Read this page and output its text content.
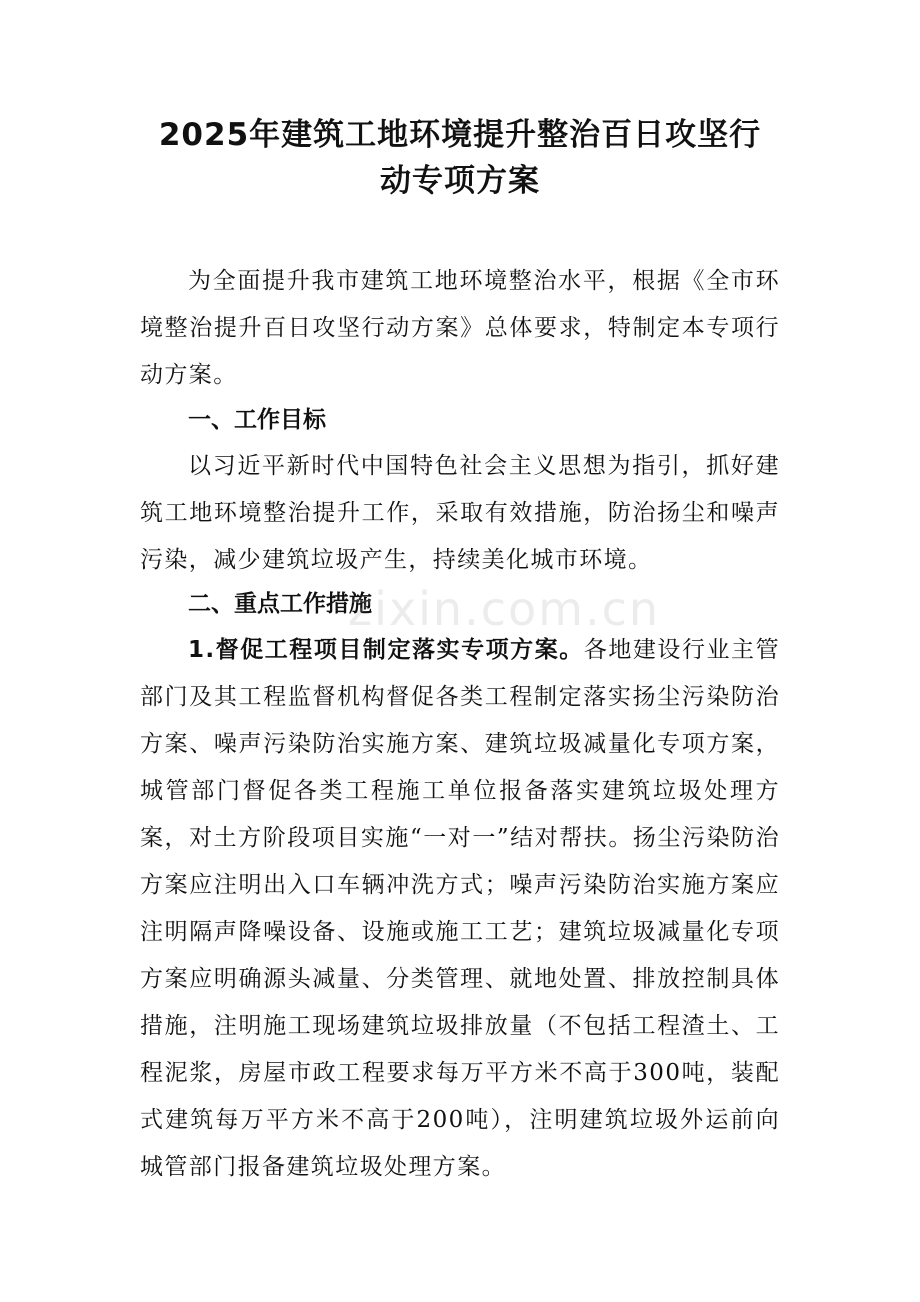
2025年建筑工地环境提升整治百日攻坚行
动专项方案
为全面提升我市建筑工地环境整治水平，根据《全市环境整治提升百日攻坚行动方案》总体要求，特制定本专项行动方案。
一、工作目标
以习近平新时代中国特色社会主义思想为指引，抓好建筑工地环境整治提升工作，采取有效措施，防治扬尘和噪声污染，减少建筑垃圾产生，持续美化城市环境。
二、重点工作措施
1.督促工程项目制定落实专项方案。各地建设行业主管部门及其工程监督机构督促各类工程制定落实扬尘污染防治方案、噪声污染防治实施方案、建筑垃圾减量化专项方案，城管部门督促各类工程施工单位报备落实建筑垃圾处理方案，对土方阶段项目实施“一对一”结对帮扶。扬尘污染防治方案应注明出入口车辆冲洗方式；噪声污染防治实施方案应注明隔声降噪设备、设施或施工工艺；建筑垃圾减量化专项方案应明确源头减量、分类管理、就地处置、排放控制具体措施，注明施工现场建筑垃圾排放量（不包括工程渣土、工程泥浆，房屋市政工程要求每万平方米不高于300吨，装配式建筑每万平方米不高于200吨），注明建筑垃圾外运前向城管部门报备建筑垃圾处理方案。
zixin.com.cn
